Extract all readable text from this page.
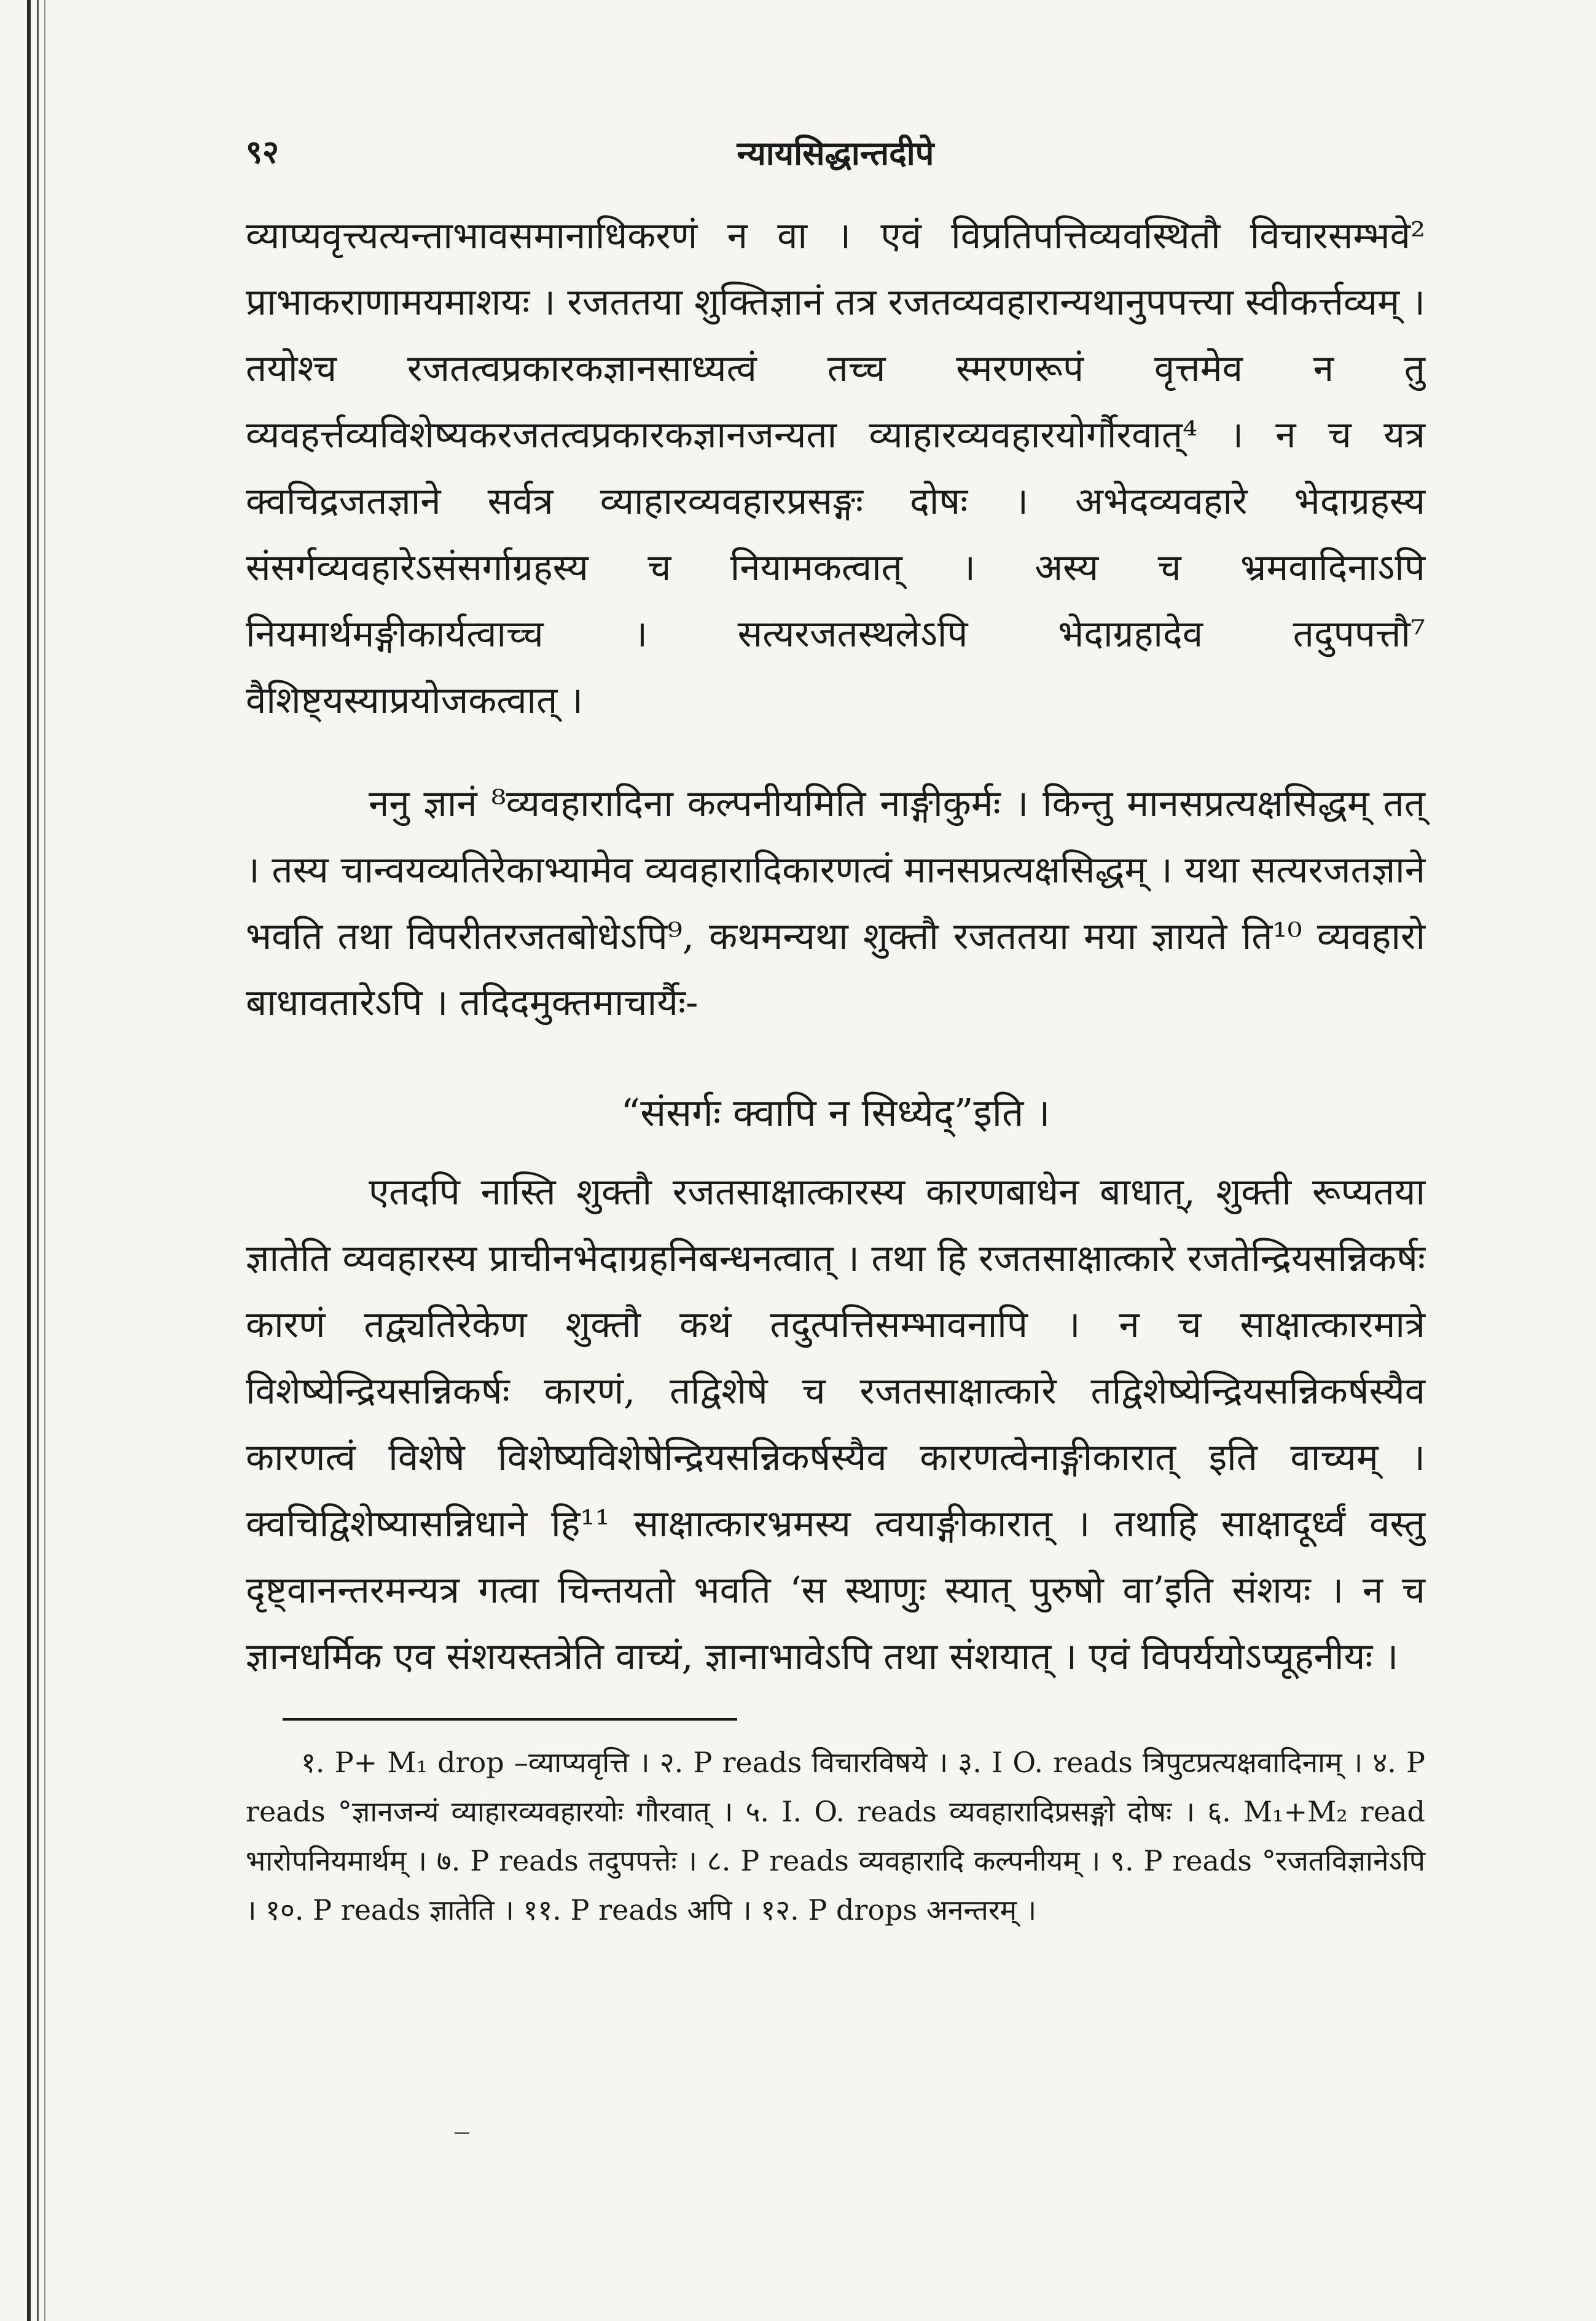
९२	न्यायसिद्धान्तदीपे

व्याप्यवृत्त्यत्यन्ताभावसमानाधिकरणं न वा । एवं विप्रतिपत्तिव्यवस्थितौ विचारसम्भवे² प्राभाकराणामयमाशयः । रजततया शुक्तिज्ञानं तत्र रजतव्यवहारान्यथानुपपत्त्या स्वीकर्त्तव्यम् । तयोश्च रजतत्वप्रकारकज्ञानसाध्यत्वं तच्च स्मरणरूपं वृत्तमेव न तु व्यवहर्त्तव्यविशेष्यकरजतत्वप्रकारकज्ञानजन्यता व्याहारव्यवहारयोर्गौरवात्⁴ । न च यत्र क्वचिद्रजतज्ञाने सर्वत्र व्याहारव्यवहारप्रसङ्गः दोषः । अभेदव्यवहारे भेदाग्रहस्य संसर्गव्यवहारेऽसंसर्गाग्रहस्य च नियामकत्वात् । अस्य च भ्रमवादिनाऽपि नियमार्थमङ्गीकार्यत्वाच्च । सत्यरजतस्थलेऽपि भेदाग्रहादेव तदुपपत्तौ⁷ वैशिष्ट्यस्याप्रयोजकत्वात् ।

ननु ज्ञानं ⁸व्यवहारादिना कल्पनीयमिति नाङ्गीकुर्मः । किन्तु मानसप्रत्यक्षसिद्धम् तत् । तस्य चान्वयव्यतिरेकाभ्यामेव व्यवहारादिकारणत्वं मानसप्रत्यक्षसिद्धम् । यथा सत्यरजतज्ञाने भवति तथा विपरीतरजतबोधेऽपि⁹, कथमन्यथा शुक्तौ रजततया मया ज्ञायते ति¹⁰ व्यवहारो बाधावतारेऽपि । तदिदमुक्तमाचार्यैः-

“संसर्गः क्वापि न सिध्येद्”इति ।

एतदपि नास्ति शुक्तौ रजतसाक्षात्कारस्य कारणबाधेन बाधात्, शुक्ती रूप्यतया ज्ञातेति व्यवहारस्य प्राचीनभेदाग्रहनिबन्धनत्वात् । तथा हि रजतसाक्षात्कारे रजतेन्द्रियसन्निकर्षः कारणं तद्व्यतिरेकेण शुक्तौ कथं तदुत्पत्तिसम्भावनापि । न च साक्षात्कारमात्रे विशेष्येन्द्रियसन्निकर्षः कारणं, तद्विशेषे च रजतसाक्षात्कारे तद्विशेष्येन्द्रियसन्निकर्षस्यैव कारणत्वं विशेषे विशेष्यविशेषेन्द्रियसन्निकर्षस्यैव कारणत्वेनाङ्गीकारात् इति वाच्यम् । क्वचिद्विशेष्यासन्निधाने हि¹¹ साक्षात्कारभ्रमस्य त्वयाङ्गीकारात् । तथाहि साक्षादूर्ध्वं वस्तु दृष्ट्वानन्तरमन्यत्र गत्वा चिन्तयतो भवति ‘स स्थाणुः स्यात् पुरुषो वा’इति संशयः । न च ज्ञानधर्मिक एव संशयस्तत्रेति वाच्यं, ज्ञानाभावेऽपि तथा संशयात् । एवं विपर्ययोऽप्यूहनीयः ।

१. P+ M₁ drop –व्याप्यवृत्ति । २. P reads विचारविषये । ३. I O. reads त्रिपुटप्रत्यक्षवादिनाम् । ४. P reads °ज्ञानजन्यं व्याहारव्यवहारयोः गौरवात् । ५. I. O. reads व्यवहारादिप्रसङ्गो दोषः । ६. M₁+M₂ read भारोपनियमार्थम् । ७. P reads तदुपपत्तेः । ८. P reads व्यवहारादि कल्पनीयम् । ९. P reads °रजतविज्ञानेऽपि । १०. P reads ज्ञातेति । ११. P reads अपि । १२. P drops अनन्तरम् ।
